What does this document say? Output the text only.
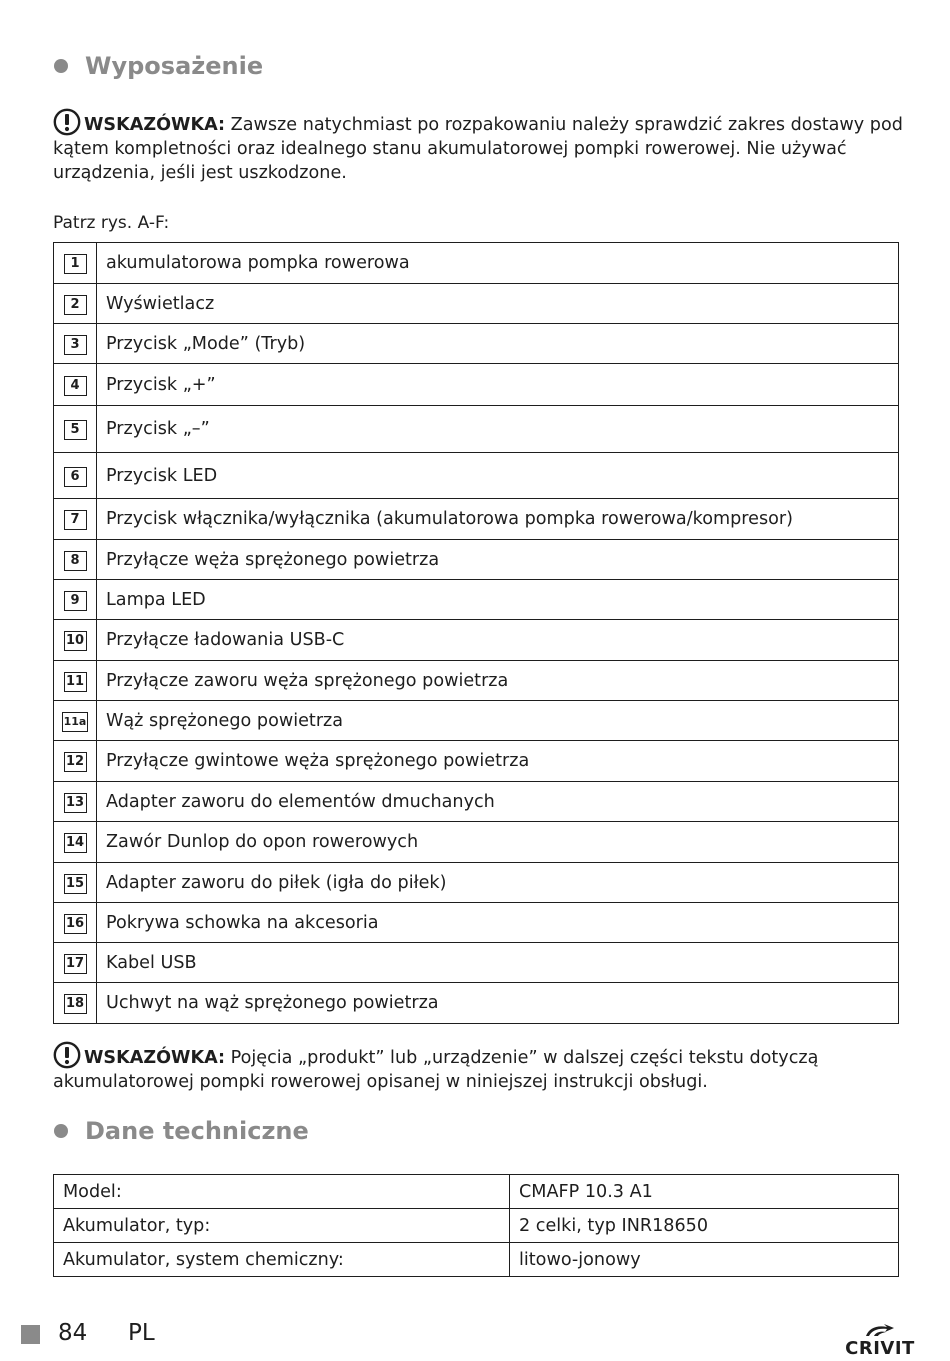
Wyposażenie
WSKAZÓWKA: Zawsze natychmiast po rozpakowaniu należy sprawdzić zakres dostawy pod kątem kompletności oraz idealnego stanu akumulatorowej pompki rowerowej. Nie używać urządzenia, jeśli jest uszkodzone.
Patrz rys. A-F:
1	akumulatorowa pompka rowerowa
2	Wyświetlacz
3	Przycisk „Mode” (Tryb)
4	Przycisk „+”
5	Przycisk „–”
6	Przycisk LED
7	Przycisk włącznika/wyłącznika (akumulatorowa pompka rowerowa/kompresor)
8	Przyłącze węża sprężonego powietrza
9	Lampa LED
10	Przyłącze ładowania USB-C
11	Przyłącze zaworu węża sprężonego powietrza
11a	Wąż sprężonego powietrza
12	Przyłącze gwintowe węża sprężonego powietrza
13	Adapter zaworu do elementów dmuchanych
14	Zawór Dunlop do opon rowerowych
15	Adapter zaworu do piłek (igła do piłek)
16	Pokrywa schowka na akcesoria
17	Kabel USB
18	Uchwyt na wąż sprężonego powietrza
WSKAZÓWKA: Pojęcia „produkt” lub „urządzenie” w dalszej części tekstu dotyczą akumulatorowej pompki rowerowej opisanej w niniejszej instrukcji obsługi.
Dane techniczne
Model:	CMAFP 10.3 A1
Akumulator, typ:	2 celki, typ INR18650
Akumulator, system chemiczny:	litowo-jonowy
84 PL
CRIVIT
